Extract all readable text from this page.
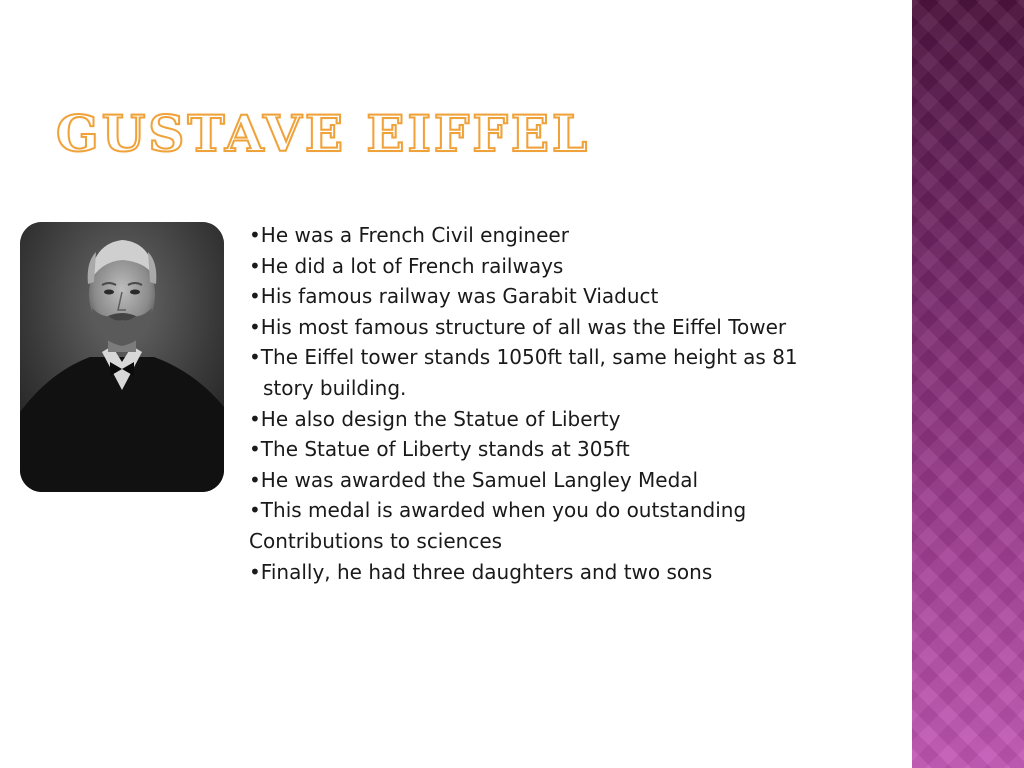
GUSTAVE EIFFEL
•He was a French Civil engineer
•He did a lot of French railways
•His famous railway was Garabit Viaduct
•His most famous structure of all was the Eiffel Tower
•The Eiffel tower stands 1050ft tall, same height as 81
story building.
•He also design the Statue of Liberty
•The Statue of Liberty stands at 305ft
•He was awarded the Samuel Langley Medal
•This medal is awarded when you do outstanding
Contributions to sciences
•Finally, he had three daughters and two sons
